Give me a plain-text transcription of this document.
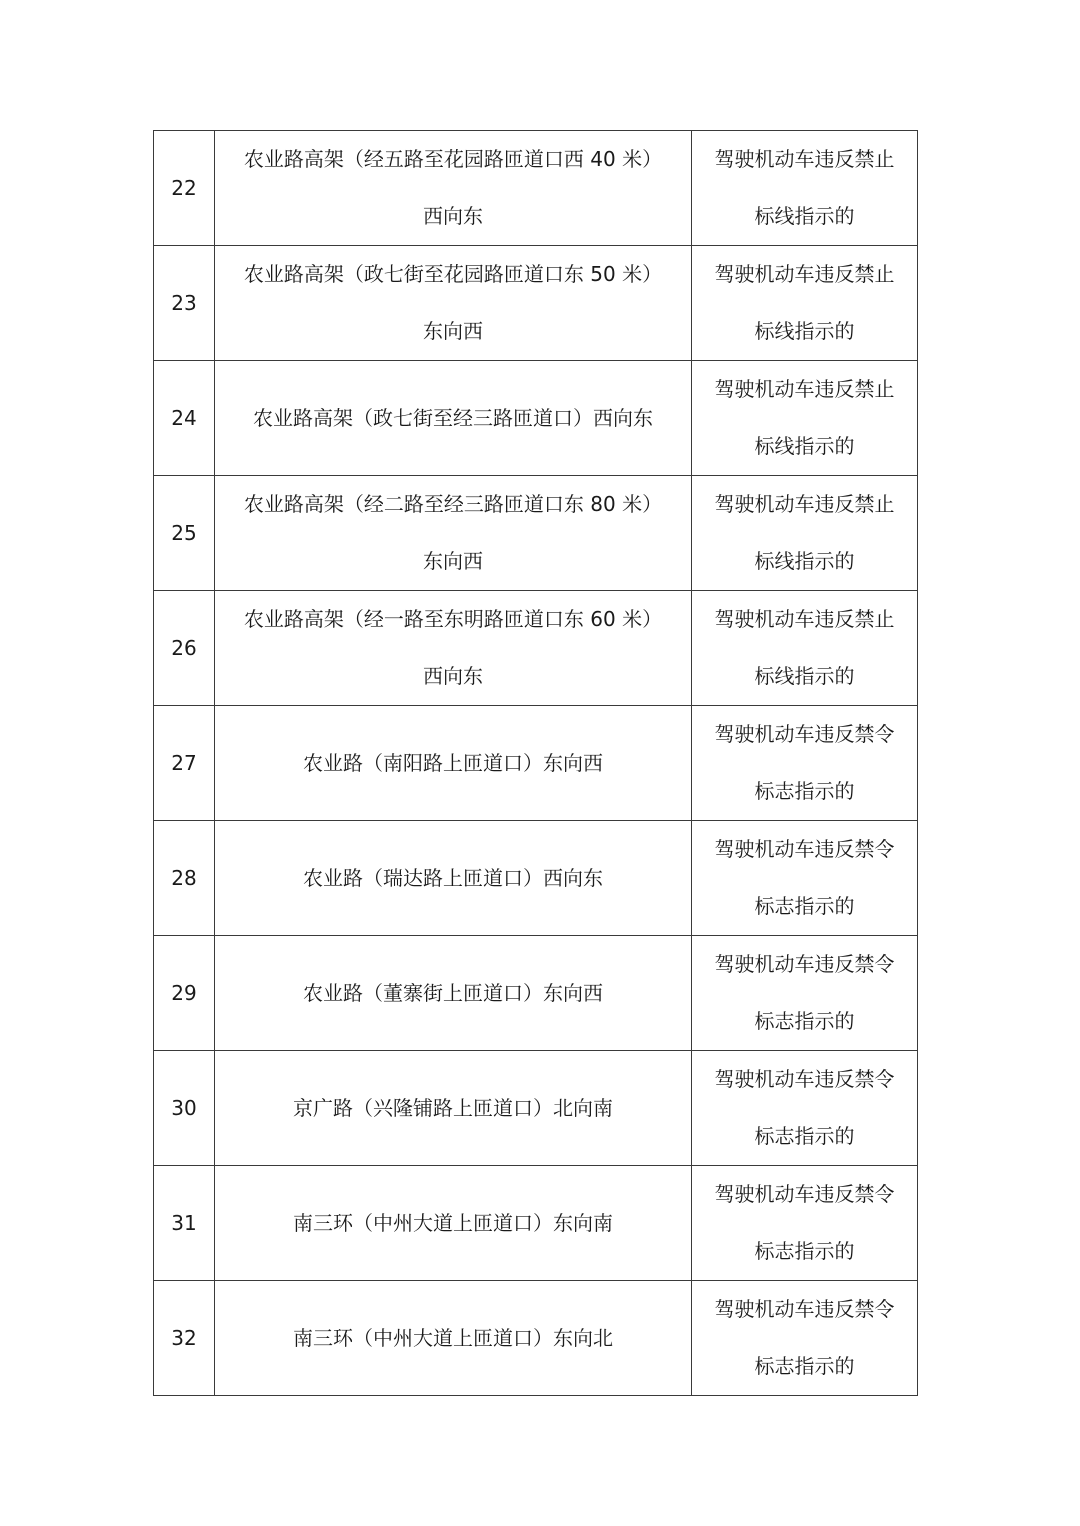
22	农业路高架（经五路至花园路匝道口西 40 米）
西向东	驾驶机动车违反禁止
标线指示的

23	农业路高架（政七街至花园路匝道口东 50 米）
东向西	驾驶机动车违反禁止
标线指示的

24	农业路高架（政七街至经三路匝道口）西向东	驾驶机动车违反禁止
标线指示的

25	农业路高架（经二路至经三路匝道口东 80 米）
东向西	驾驶机动车违反禁止
标线指示的

26	农业路高架（经一路至东明路匝道口东 60 米）
西向东	驾驶机动车违反禁止
标线指示的

27	农业路（南阳路上匝道口）东向西	驾驶机动车违反禁令
标志指示的

28	农业路（瑞达路上匝道口）西向东	驾驶机动车违反禁令
标志指示的

29	农业路（董寨街上匝道口）东向西	驾驶机动车违反禁令
标志指示的

30	京广路（兴隆铺路上匝道口）北向南	驾驶机动车违反禁令
标志指示的

31	南三环（中州大道上匝道口）东向南	驾驶机动车违反禁令
标志指示的

32	南三环（中州大道上匝道口）东向北	驾驶机动车违反禁令
标志指示的
